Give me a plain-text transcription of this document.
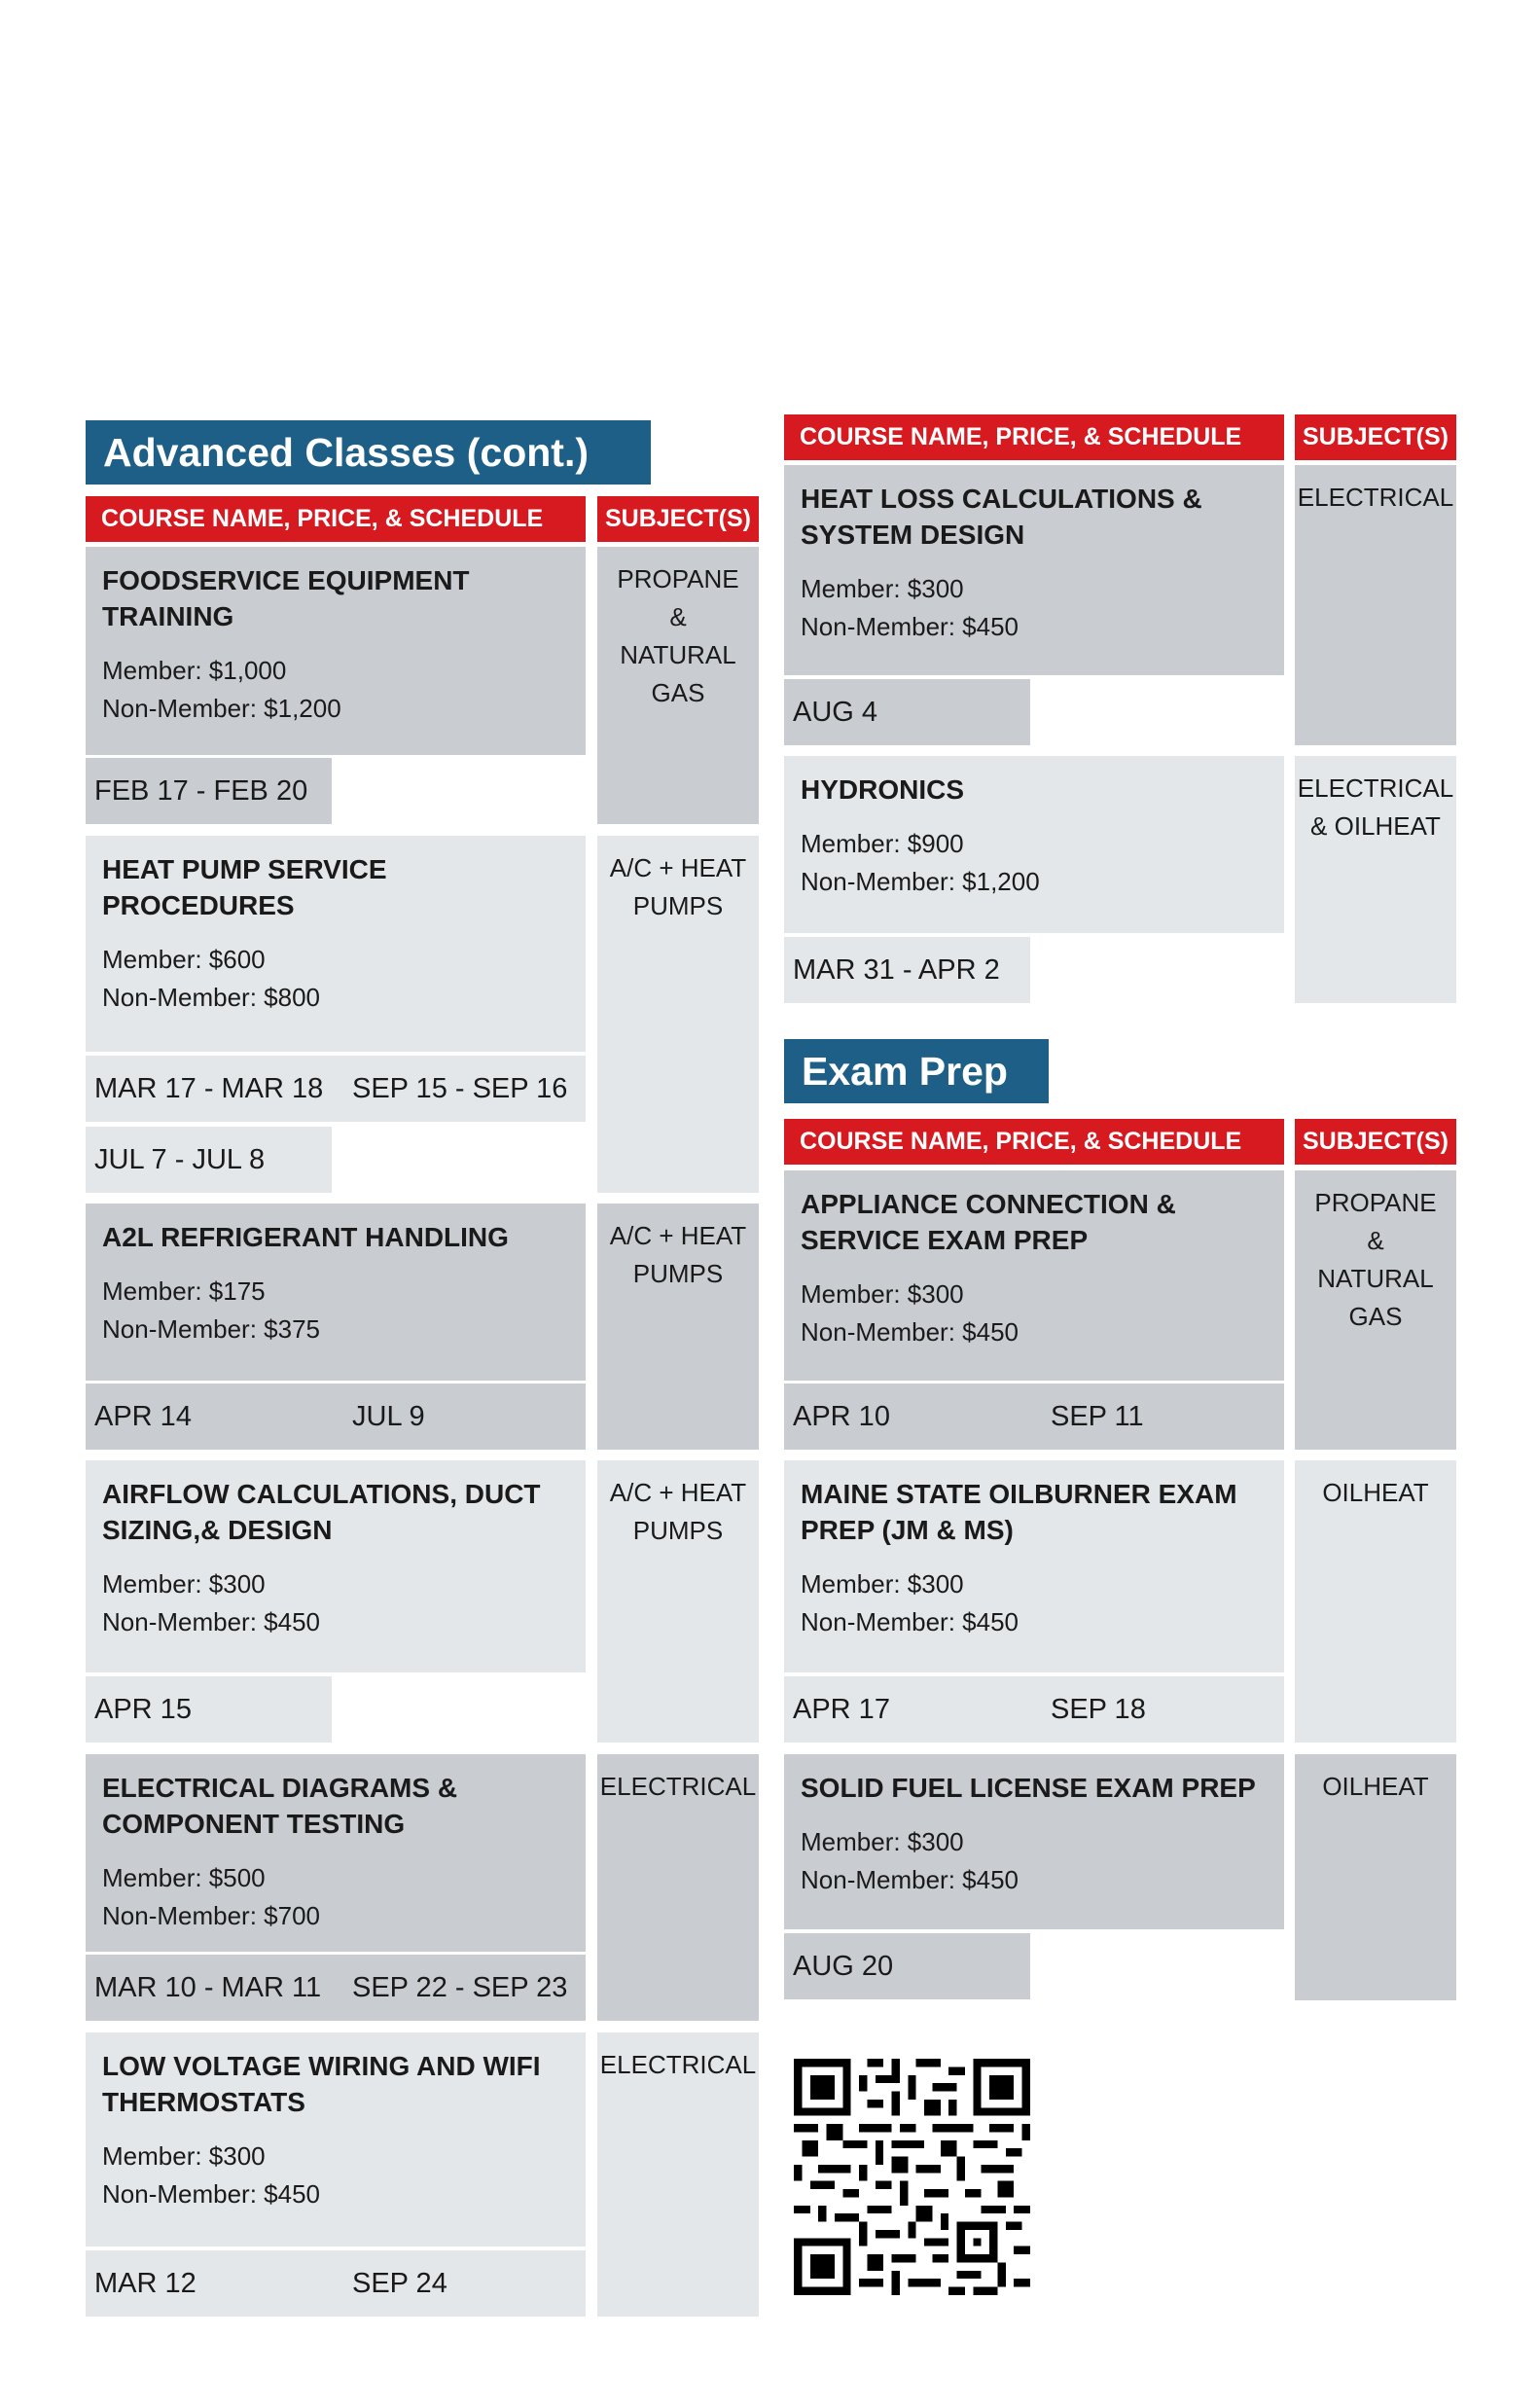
Advanced Classes (cont.)
COURSE NAME, PRICE, & SCHEDULE	SUBJECT(S)
FOODSERVICE EQUIPMENT
TRAINING
Member: $1,000
Non-Member: $1,200
FEB 17 - FEB 20
PROPANE
&
NATURAL
GAS
HEAT PUMP SERVICE
PROCEDURES
Member: $600
Non-Member: $800
MAR 17 - MAR 18 SEP 15 - SEP 16
JUL 7 - JUL 8
A/C + HEAT
PUMPS
A2L REFRIGERANT HANDLING
Member: $175
Non-Member: $375
APR 14	JUL 9
A/C + HEAT
PUMPS
AIRFLOW CALCULATIONS, DUCT
SIZING,& DESIGN
Member: $300
Non-Member: $450
APR 15
A/C + HEAT
PUMPS
ELECTRICAL DIAGRAMS &
COMPONENT TESTING
Member: $500
Non-Member: $700
MAR 10 - MAR 11 SEP 22 - SEP 23
ELECTRICAL
LOW VOLTAGE WIRING AND WIFI
THERMOSTATS
Member: $300
Non-Member: $450
MAR 12	SEP 24
ELECTRICAL
COURSE NAME, PRICE, & SCHEDULE	SUBJECT(S)
HEAT LOSS CALCULATIONS &
SYSTEM DESIGN
Member: $300
Non-Member: $450
AUG 4
ELECTRICAL
HYDRONICS
Member: $900
Non-Member: $1,200
MAR 31 - APR 2
ELECTRICAL
& OILHEAT
Exam Prep
COURSE NAME, PRICE, & SCHEDULE	SUBJECT(S)
APPLIANCE CONNECTION &
SERVICE EXAM PREP
Member: $300
Non-Member: $450
APR 10	SEP 11
PROPANE
&
NATURAL
GAS
MAINE STATE OILBURNER EXAM
PREP (JM & MS)
Member: $300
Non-Member: $450
APR 17	SEP 18
OILHEAT
SOLID FUEL LICENSE EXAM PREP
Member: $300
Non-Member: $450
AUG 20
OILHEAT
